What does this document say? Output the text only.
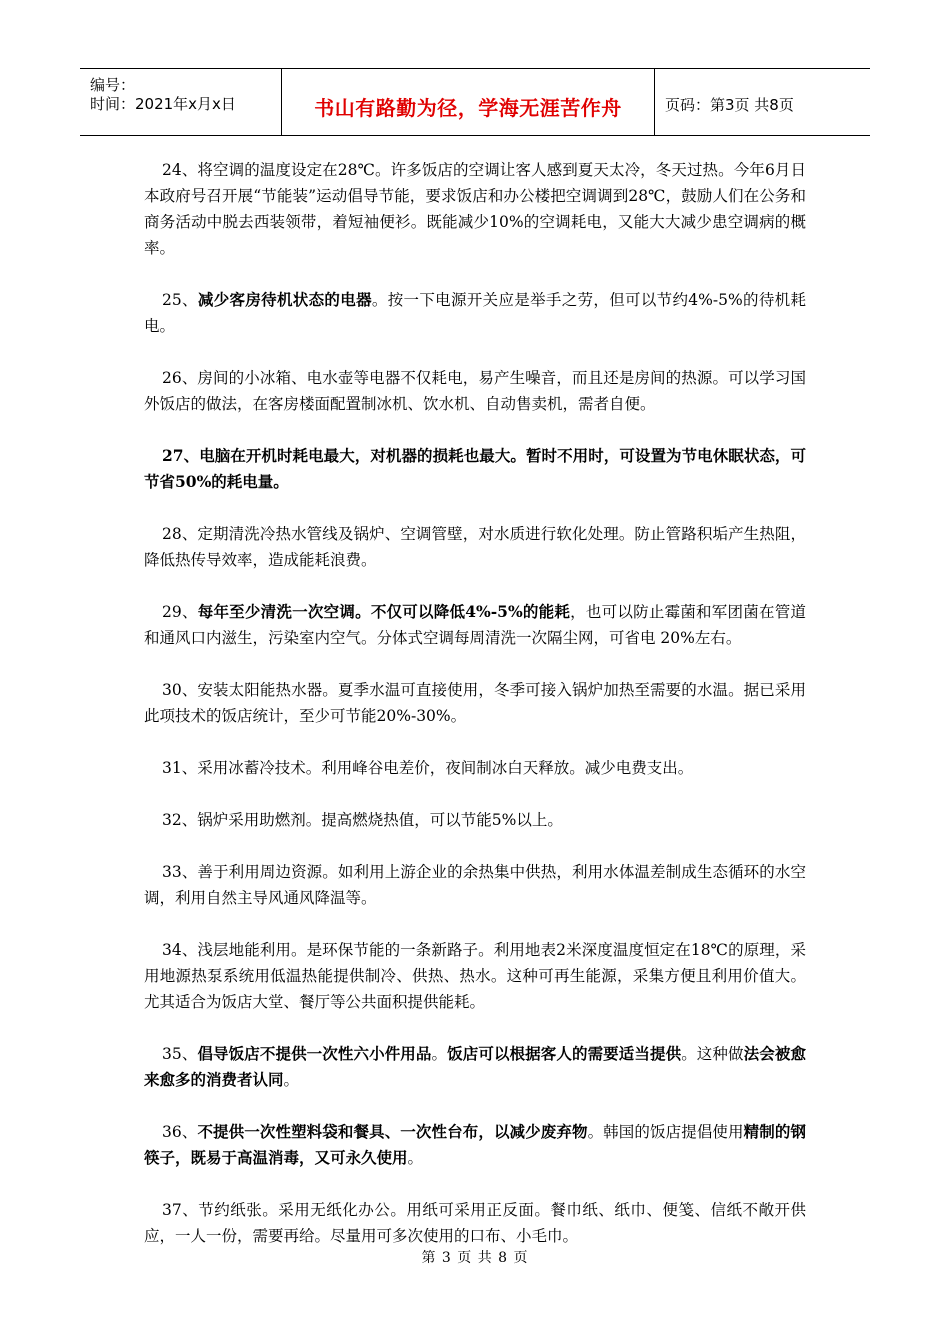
编号：
时间：2021年x月x日	书山有路勤为径，学海无涯苦作舟	页码：第3页 共8页

24、将空调的温度设定在28℃。许多饭店的空调让客人感到夏天太冷，冬天过热。今年6月日本政府号召开展“节能装”运动倡导节能，要求饭店和办公楼把空调调到28℃，鼓励人们在公务和商务活动中脱去西装领带，着短袖便衫。既能减少10%的空调耗电，又能大大减少患空调病的概率。

25、减少客房待机状态的电器。按一下电源开关应是举手之劳，但可以节约4%-5%的待机耗电。

26、房间的小冰箱、电水壶等电器不仅耗电，易产生噪音，而且还是房间的热源。可以学习国外饭店的做法，在客房楼面配置制冰机、饮水机、自动售卖机，需者自便。

27、电脑在开机时耗电最大，对机器的损耗也最大。暂时不用时，可设置为节电休眠状态，可节省50%的耗电量。

28、定期清洗冷热水管线及锅炉、空调管壁，对水质进行软化处理。防止管路积垢产生热阻，降低热传导效率，造成能耗浪费。

29、每年至少清洗一次空调。不仅可以降低4%-5%的能耗，也可以防止霉菌和军团菌在管道和通风口内滋生，污染室内空气。分体式空调每周清洗一次隔尘网，可省电 20%左右。

30、安装太阳能热水器。夏季水温可直接使用，冬季可接入锅炉加热至需要的水温。据已采用此项技术的饭店统计，至少可节能20%-30%。

31、采用冰蓄冷技术。利用峰谷电差价，夜间制冰白天释放。减少电费支出。

32、锅炉采用助燃剂。提高燃烧热值，可以节能5%以上。

33、善于利用周边资源。如利用上游企业的余热集中供热，利用水体温差制成生态循环的水空调，利用自然主导风通风降温等。

34、浅层地能利用。是环保节能的一条新路子。利用地表2米深度温度恒定在18℃的原理，采用地源热泵系统用低温热能提供制冷、供热、热水。这种可再生能源，采集方便且利用价值大。尤其适合为饭店大堂、餐厅等公共面积提供能耗。

35、倡导饭店不提供一次性六小件用品。饭店可以根据客人的需要适当提供。这种做法会被愈来愈多的消费者认同。

36、不提供一次性塑料袋和餐具、一次性台布，以减少废弃物。韩国的饭店提倡使用精制的钢筷子，既易于高温消毒，又可永久使用。

37、节约纸张。采用无纸化办公。用纸可采用正反面。餐巾纸、纸巾、便笺、信纸不敞开供应，一人一份，需要再给。尽量用可多次使用的口布、小毛巾。

第 3 页 共 8 页
